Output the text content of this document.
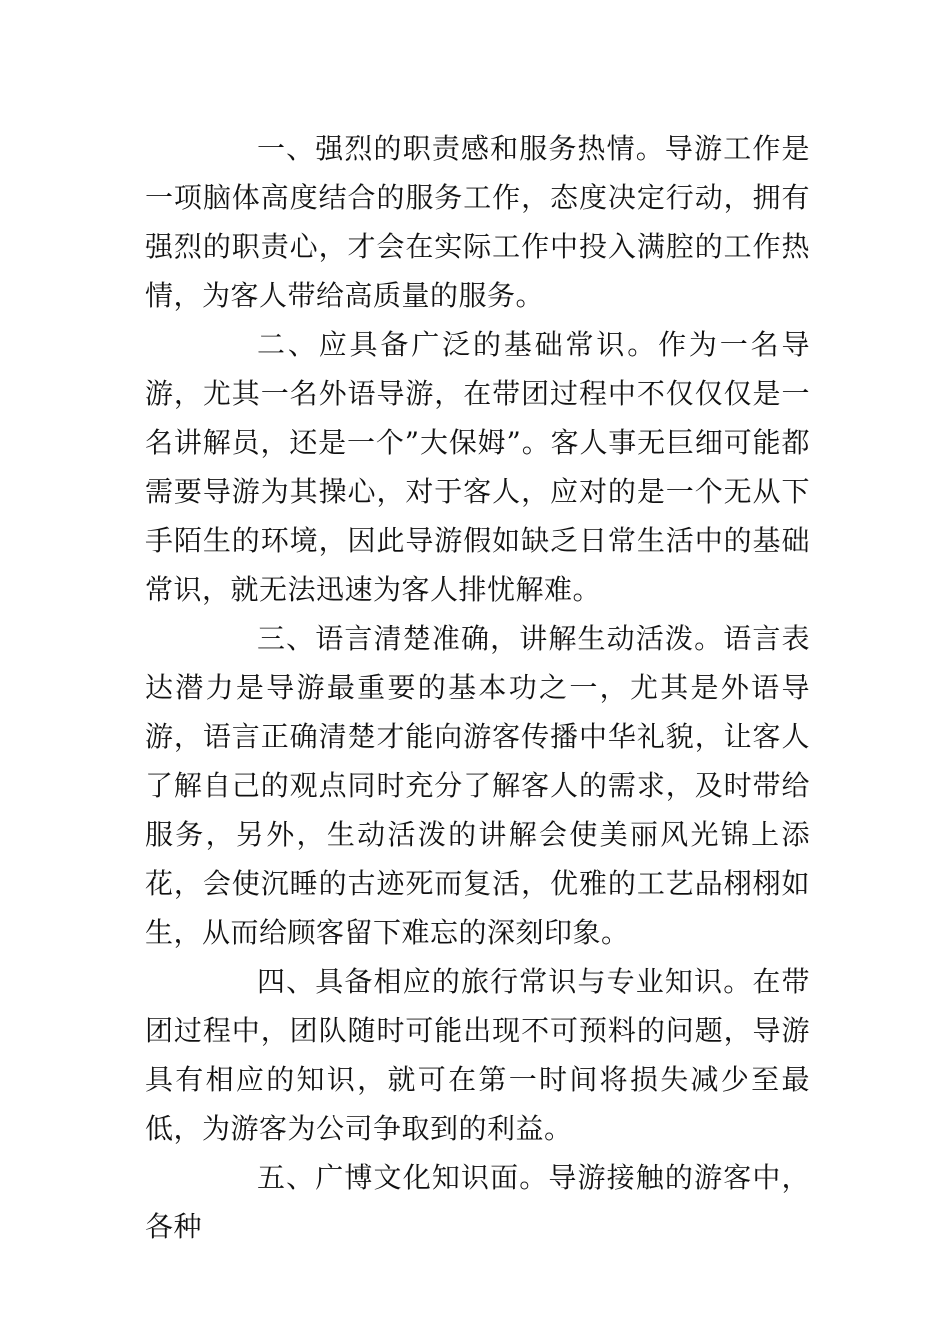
一、强烈的职责感和服务热情。导游工作是一项脑体高度结合的服务工作，态度决定行动，拥有强烈的职责心，才会在实际工作中投入满腔的工作热情，为客人带给高质量的服务。

二、应具备广泛的基础常识。作为一名导游，尤其一名外语导游，在带团过程中不仅仅仅是一名讲解员，还是一个”大保姆”。客人事无巨细可能都需要导游为其操心，对于客人，应对的是一个无从下手陌生的环境，因此导游假如缺乏日常生活中的基础常识，就无法迅速为客人排忧解难。

三、语言清楚准确，讲解生动活泼。语言表达潜力是导游最重要的基本功之一，尤其是外语导游，语言正确清楚才能向游客传播中华礼貌，让客人了解自己的观点同时充分了解客人的需求，及时带给服务，另外，生动活泼的讲解会使美丽风光锦上添花，会使沉睡的古迹死而复活，优雅的工艺品栩栩如生，从而给顾客留下难忘的深刻印象。

四、具备相应的旅行常识与专业知识。在带团过程中，团队随时可能出现不可预料的问题，导游具有相应的知识，就可在第一时间将损失减少至最低，为游客为公司争取到的利益。

五、广博文化知识面。导游接触的游客中，各种
